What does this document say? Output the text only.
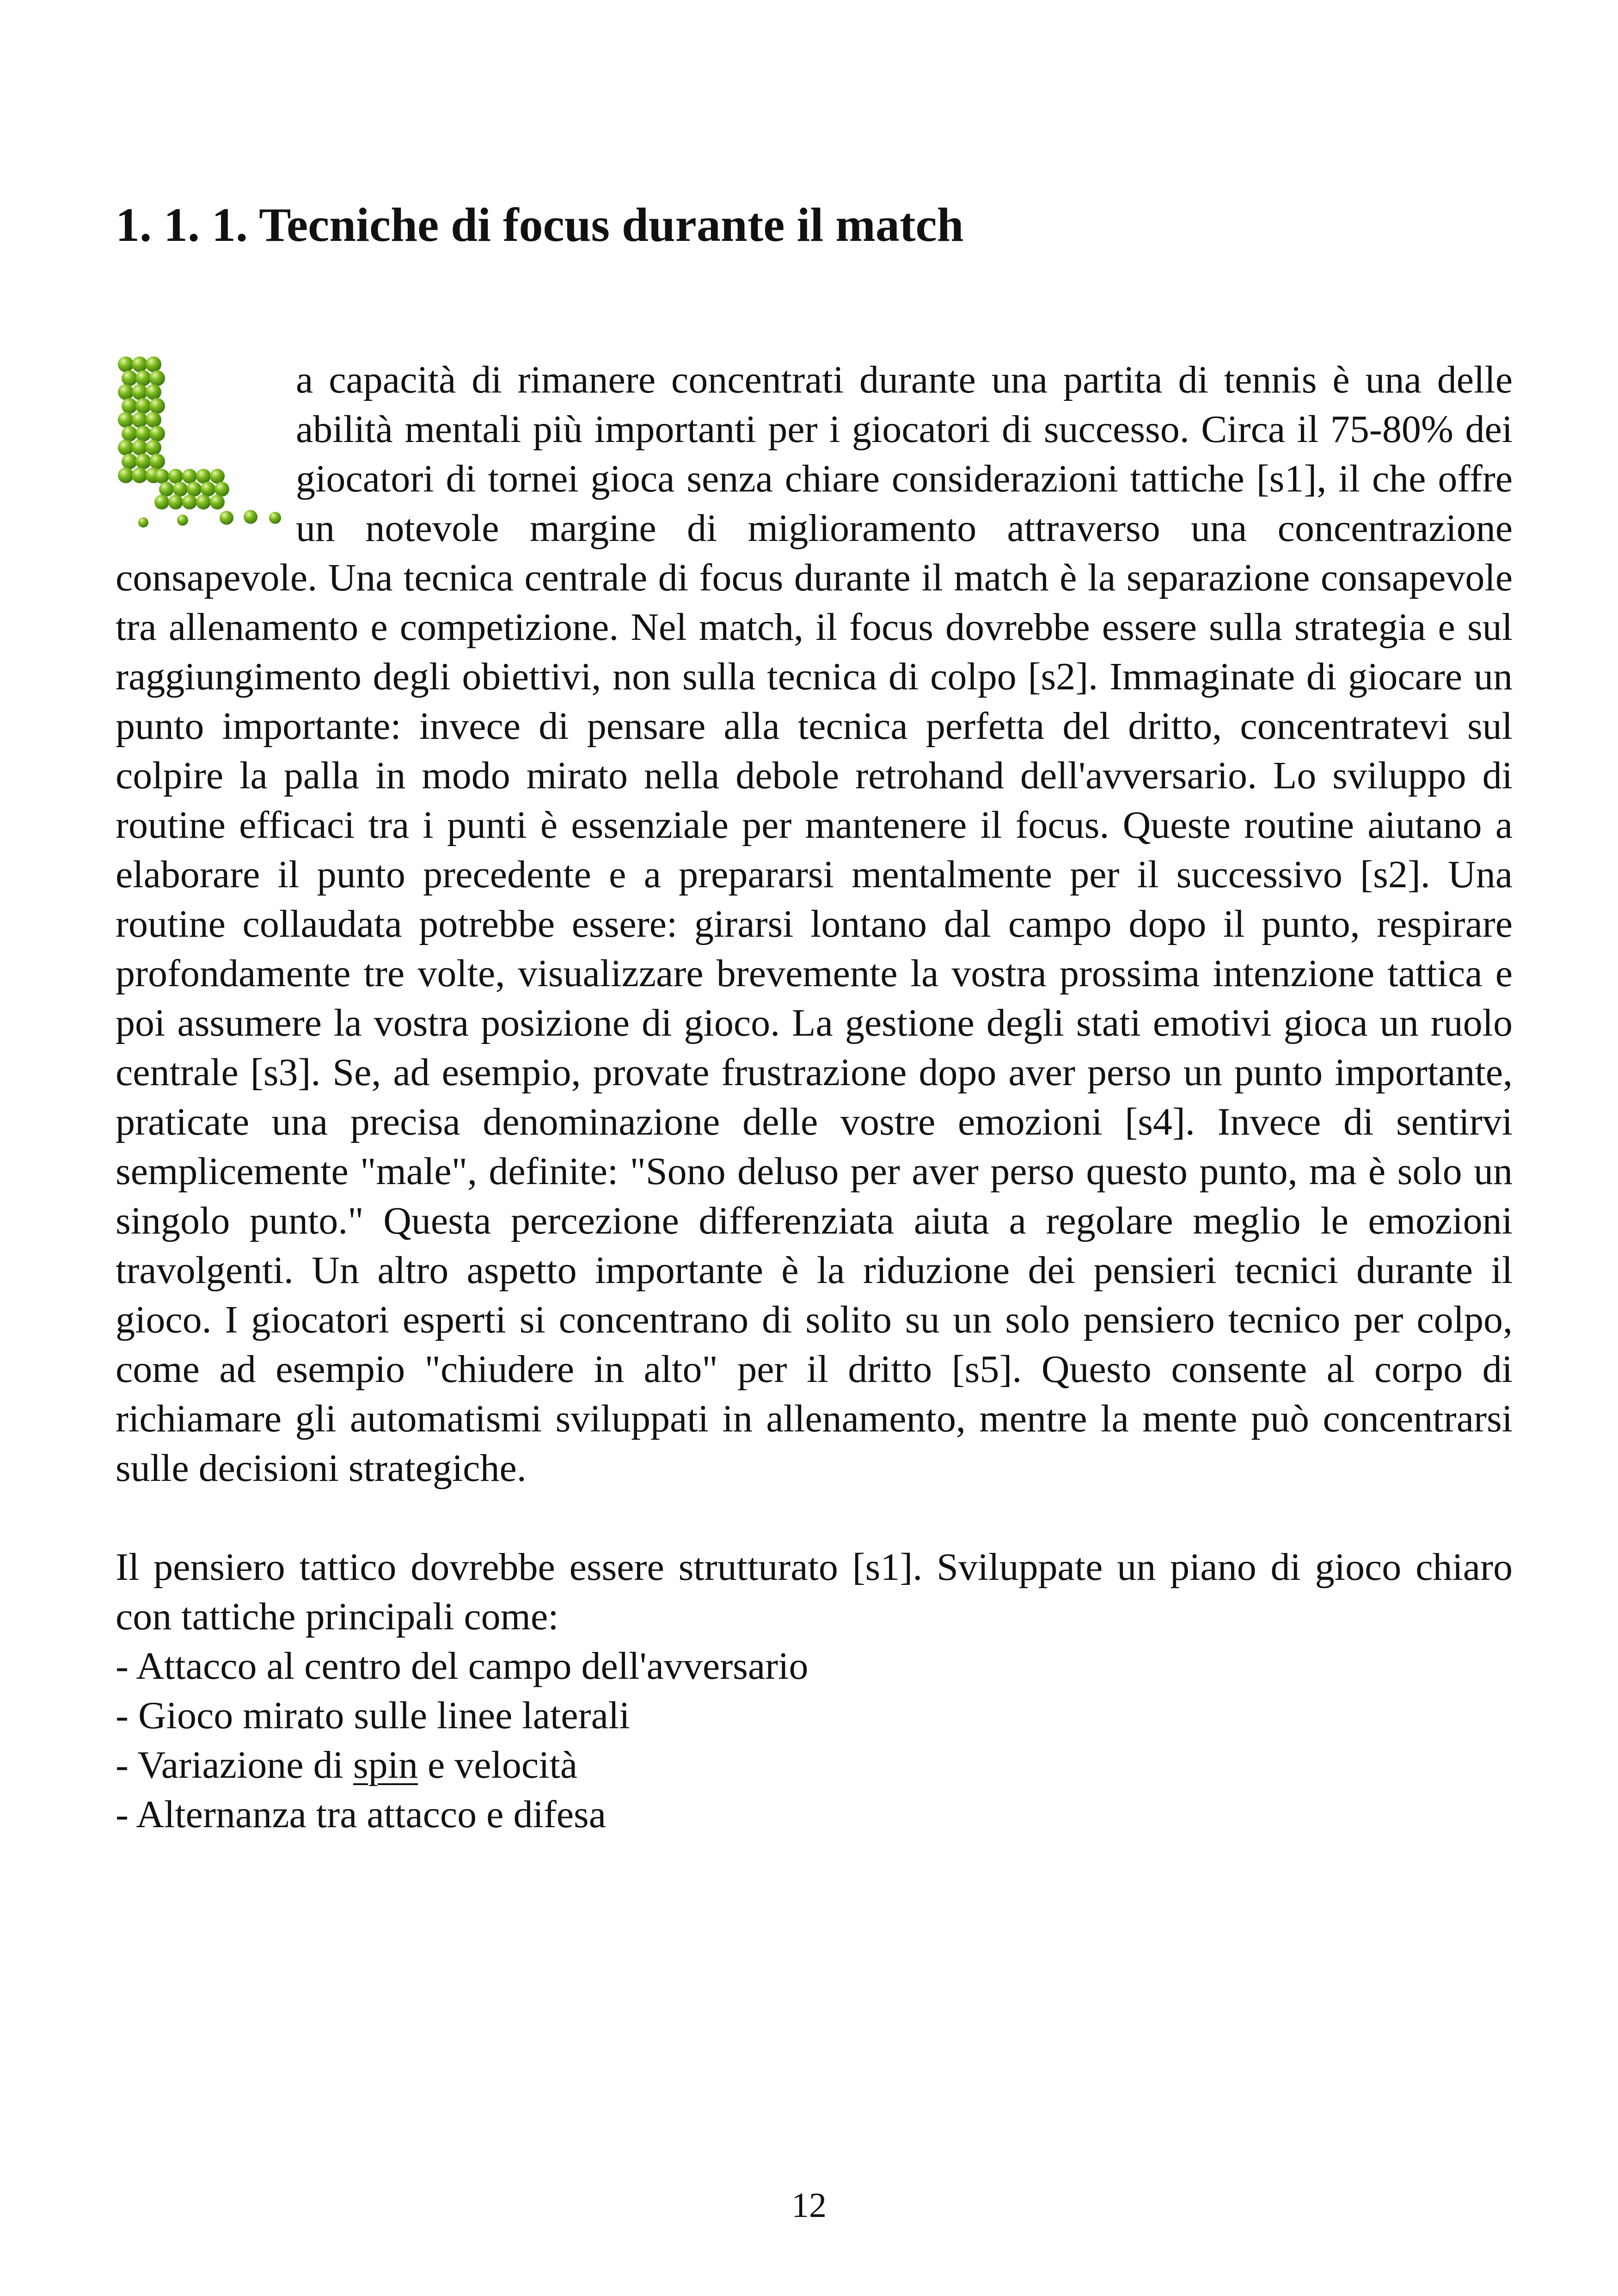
1. 1. 1. Tecniche di focus durante il match

a capacità di rimanere concentrati durante una partita di tennis è una delle abilità mentali più importanti per i giocatori di successo. Circa il 75-80% dei giocatori di tornei gioca senza chiare considerazioni tattiche [s1], il che offre un notevole margine di miglioramento attraverso una concentrazione consapevole. Una tecnica centrale di focus durante il match è la separazione consapevole tra allenamento e competizione. Nel match, il focus dovrebbe essere sulla strategia e sul raggiungimento degli obiettivi, non sulla tecnica di colpo [s2]. Immaginate di giocare un punto importante: invece di pensare alla tecnica perfetta del dritto, concentratevi sul colpire la palla in modo mirato nella debole retrohand dell'avversario. Lo sviluppo di routine efficaci tra i punti è essenziale per mantenere il focus. Queste routine aiutano a elaborare il punto precedente e a prepararsi mentalmente per il successivo [s2]. Una routine collaudata potrebbe essere: girarsi lontano dal campo dopo il punto, respirare profondamente tre volte, visualizzare brevemente la vostra prossima intenzione tattica e poi assumere la vostra posizione di gioco. La gestione degli stati emotivi gioca un ruolo centrale [s3]. Se, ad esempio, provate frustrazione dopo aver perso un punto importante, praticate una precisa denominazione delle vostre emozioni [s4]. Invece di sentirvi semplicemente "male", definite: "Sono deluso per aver perso questo punto, ma è solo un singolo punto." Questa percezione differenziata aiuta a regolare meglio le emozioni travolgenti. Un altro aspetto importante è la riduzione dei pensieri tecnici durante il gioco. I giocatori esperti si concentrano di solito su un solo pensiero tecnico per colpo, come ad esempio "chiudere in alto" per il dritto [s5]. Questo consente al corpo di richiamare gli automatismi sviluppati in allenamento, mentre la mente può concentrarsi sulle decisioni strategiche.

Il pensiero tattico dovrebbe essere strutturato [s1]. Sviluppate un piano di gioco chiaro con tattiche principali come:

- Attacco al centro del campo dell'avversario
- Gioco mirato sulle linee laterali
- Variazione di spin e velocità
- Alternanza tra attacco e difesa
12
